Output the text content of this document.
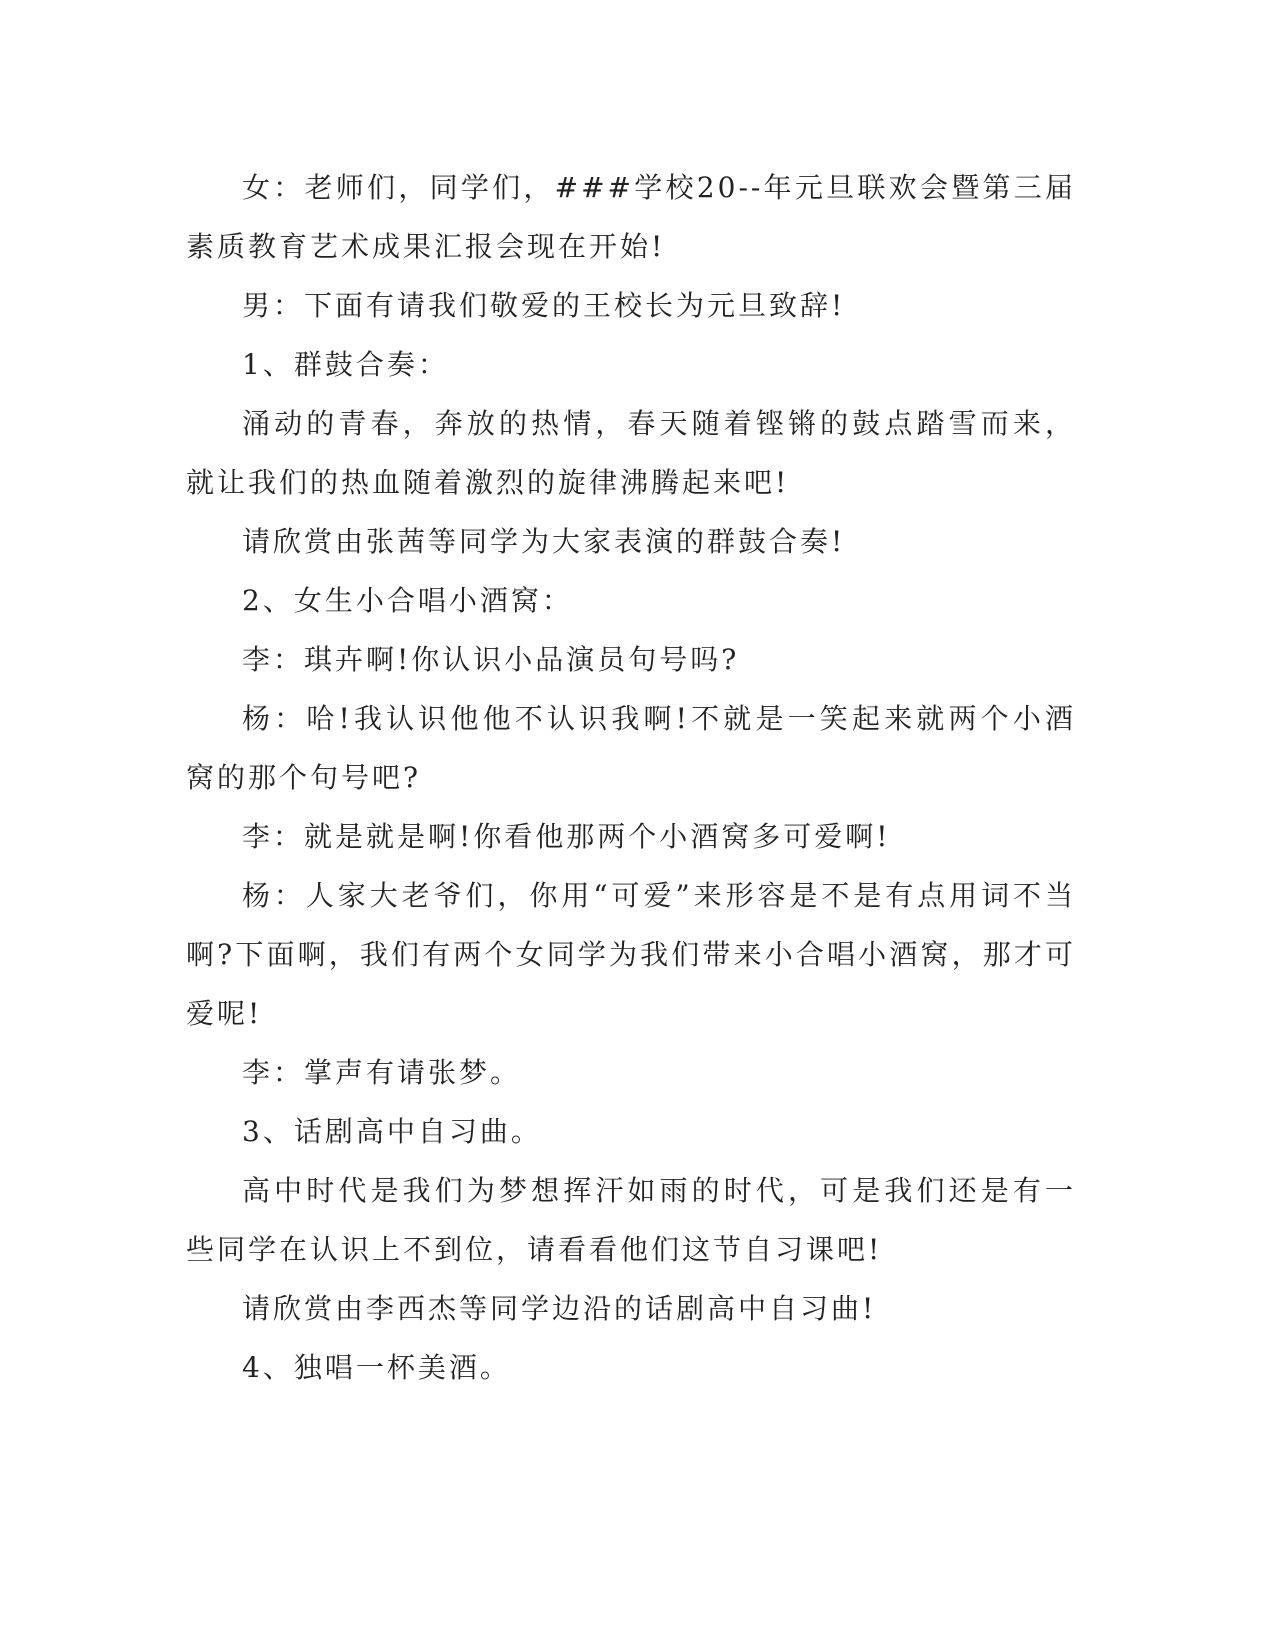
女：老师们，同学们，###学校20--年元旦联欢会暨第三届素质教育艺术成果汇报会现在开始!

男：下面有请我们敬爱的王校长为元旦致辞!

1、群鼓合奏：

涌动的青春，奔放的热情，春天随着铿锵的鼓点踏雪而来，就让我们的热血随着激烈的旋律沸腾起来吧!

请欣赏由张茜等同学为大家表演的群鼓合奏!

2、女生小合唱小酒窝：

李：琪卉啊!你认识小品演员句号吗?

杨：哈!我认识他他不认识我啊!不就是一笑起来就两个小酒窝的那个句号吧?

李：就是就是啊!你看他那两个小酒窝多可爱啊!

杨：人家大老爷们，你用“可爱”来形容是不是有点用词不当啊?下面啊，我们有两个女同学为我们带来小合唱小酒窝，那才可爱呢!

李：掌声有请张梦。

3、话剧高中自习曲。

高中时代是我们为梦想挥汗如雨的时代，可是我们还是有一些同学在认识上不到位，请看看他们这节自习课吧!

请欣赏由李西杰等同学边沿的话剧高中自习曲!

4、独唱一杯美酒。
